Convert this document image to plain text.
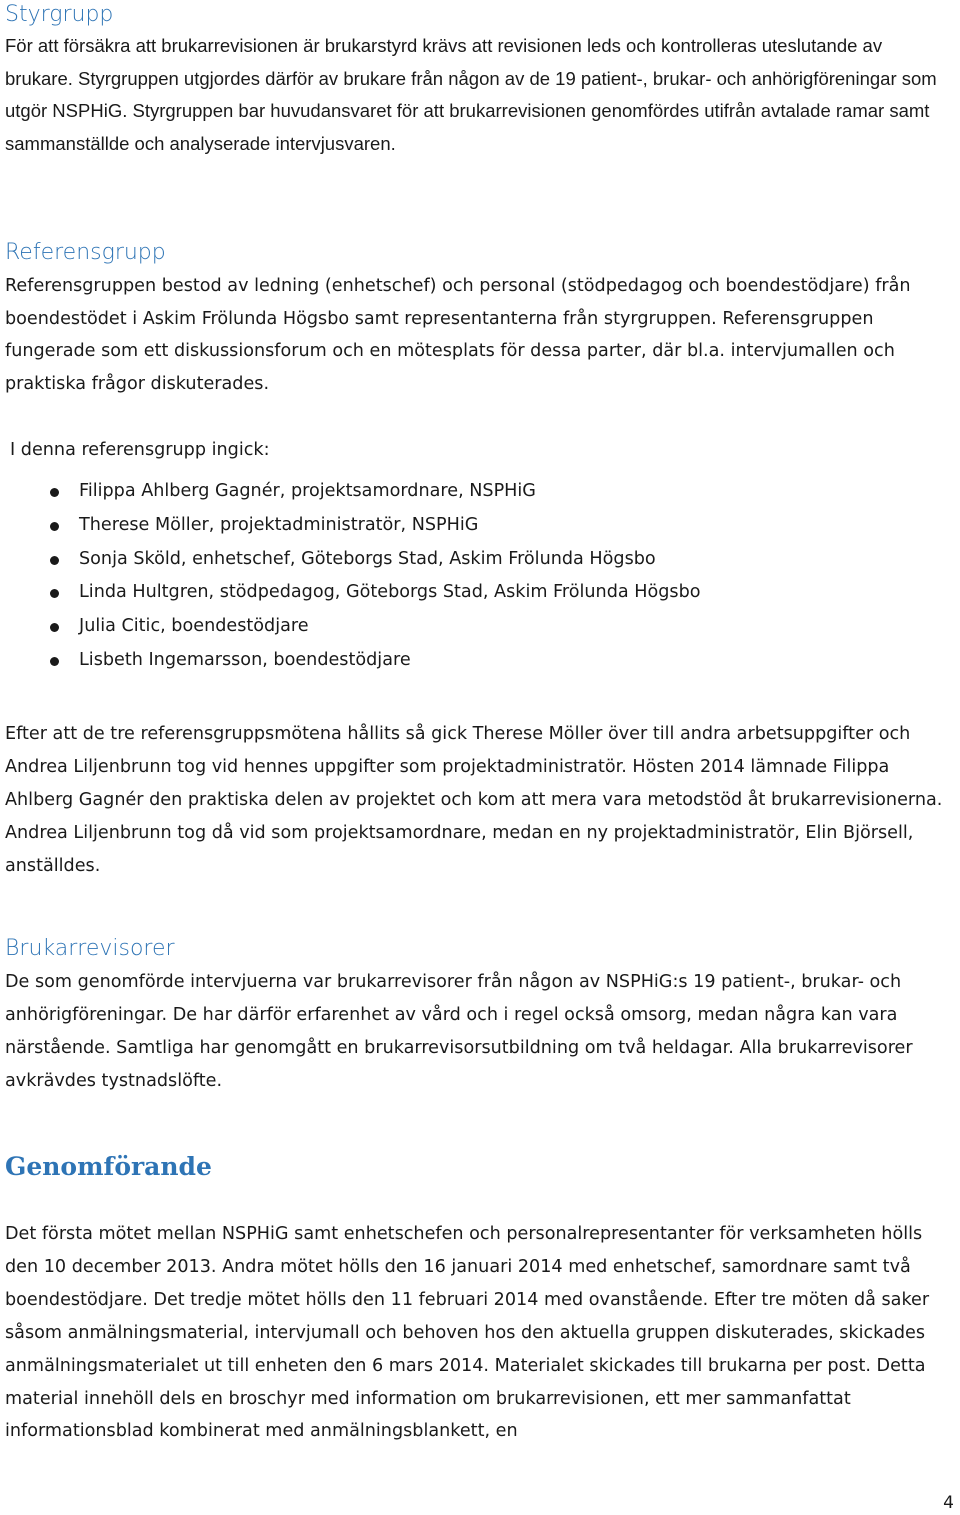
Styrgrupp

För att försäkra att brukarrevisionen är brukarstyrd krävs att revisionen leds och kontrolleras uteslutande av brukare. Styrgruppen utgjordes därför av brukare från någon av de 19 patient-, brukar- och anhörigföreningar som utgör NSPHiG. Styrgruppen bar huvudansvaret för att brukarrevisionen genomfördes utifrån avtalade ramar samt sammanställde och analyserade intervjusvaren.

Referensgrupp

Referensgruppen bestod av ledning (enhetschef) och personal (stödpedagog och boendestödjare) från boendestödet i Askim Frölunda Högsbo samt representanterna från styrgruppen. Referensgruppen fungerade som ett diskussionsforum och en mötesplats för dessa parter, där bl.a. intervjumallen och praktiska frågor diskuterades.

I denna referensgrupp ingick:

Filippa Ahlberg Gagnér, projektsamordnare, NSPHiG
Therese Möller, projektadministratör, NSPHiG
Sonja Sköld, enhetschef, Göteborgs Stad, Askim Frölunda Högsbo
Linda Hultgren, stödpedagog, Göteborgs Stad, Askim Frölunda Högsbo
Julia Citic, boendestödjare
Lisbeth Ingemarsson, boendestödjare

Efter att de tre referensgruppsmötena hållits så gick Therese Möller över till andra arbetsuppgifter och Andrea Liljenbrunn tog vid hennes uppgifter som projektadministratör. Hösten 2014 lämnade Filippa Ahlberg Gagnér den praktiska delen av projektet och kom att mera vara metodstöd åt brukarrevisionerna. Andrea Liljenbrunn tog då vid som projektsamordnare, medan en ny projektadministratör, Elin Björsell, anställdes.

Brukarrevisorer

De som genomförde intervjuerna var brukarrevisorer från någon av NSPHiG:s 19 patient-, brukar- och anhörigföreningar. De har därför erfarenhet av vård och i regel också omsorg, medan några kan vara närstående. Samtliga har genomgått en brukarrevisorsutbildning om två heldagar. Alla brukarrevisorer avkrävdes tystnadslöfte.

Genomförande

Det första mötet mellan NSPHiG samt enhetschefen och personalrepresentanter för verksamheten hölls den 10 december 2013. Andra mötet hölls den 16 januari 2014 med enhetschef, samordnare samt två boendestödjare. Det tredje mötet hölls den 11 februari 2014 med ovanstående. Efter tre möten då saker såsom anmälningsmaterial, intervjumall och behoven hos den aktuella gruppen diskuterades, skickades anmälningsmaterialet ut till enheten den 6 mars 2014. Materialet skickades till brukarna per post. Detta material innehöll dels en broschyr med information om brukarrevisionen, ett mer sammanfattat informationsblad kombinerat med anmälningsblankett, en

4
